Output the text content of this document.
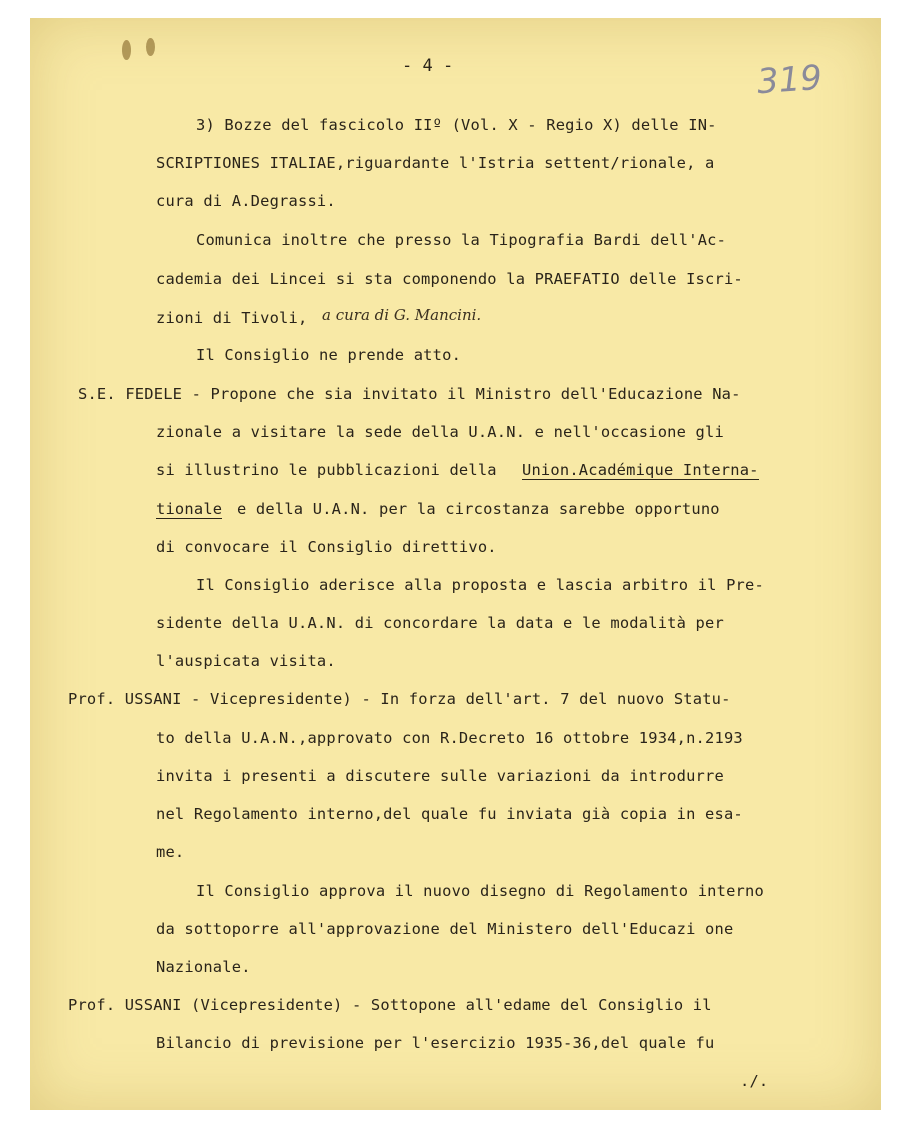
- 4 -	319
3) Bozze del fascicolo IIº (Vol. X - Regio X) delle IN-
SCRIPTIONES ITALIAE,riguardante l'Istria settent/rionale, a
cura di A.Degrassi.
Comunica inoltre che presso la Tipografia Bardi dell'Ac-
cademia dei Lincei si sta componendo la PRAEFATIO delle Iscri-
zioni di Tivoli,
Il Consiglio ne prende atto.
S.E. FEDELE - Propone che sia invitato il Ministro dell'Educazione Na-
zionale a visitare la sede della U.A.N. e nell'occasione gli
si illustrino le pubblicazioni della
e della U.A.N. per la circostanza sarebbe opportuno
di convocare il Consiglio direttivo.
Il Consiglio aderisce alla proposta e lascia arbitro il Pre-
sidente della U.A.N. di concordare la data e le modalità per
l'auspicata visita.
Prof. USSANI - Vicepresidente) - In forza dell'art. 7 del nuovo Statu-
to della U.A.N.,approvato con R.Decreto 16 ottobre 1934,n.2193
invita i presenti a discutere sulle variazioni da introdurre
nel Regolamento interno,del quale fu inviata già copia in esa-
me.
Il Consiglio approva il nuovo disegno di Regolamento interno
da sottoporre all'approvazione del Ministero dell'Educazi one
Nazionale.
Prof. USSANI (Vicepresidente) - Sottopone all'edame del Consiglio il
Bilancio di previsione per l'esercizio 1935-36,del quale fu
./.
Union.Académique Interna-
tionale
a cura di G. Mancini.
